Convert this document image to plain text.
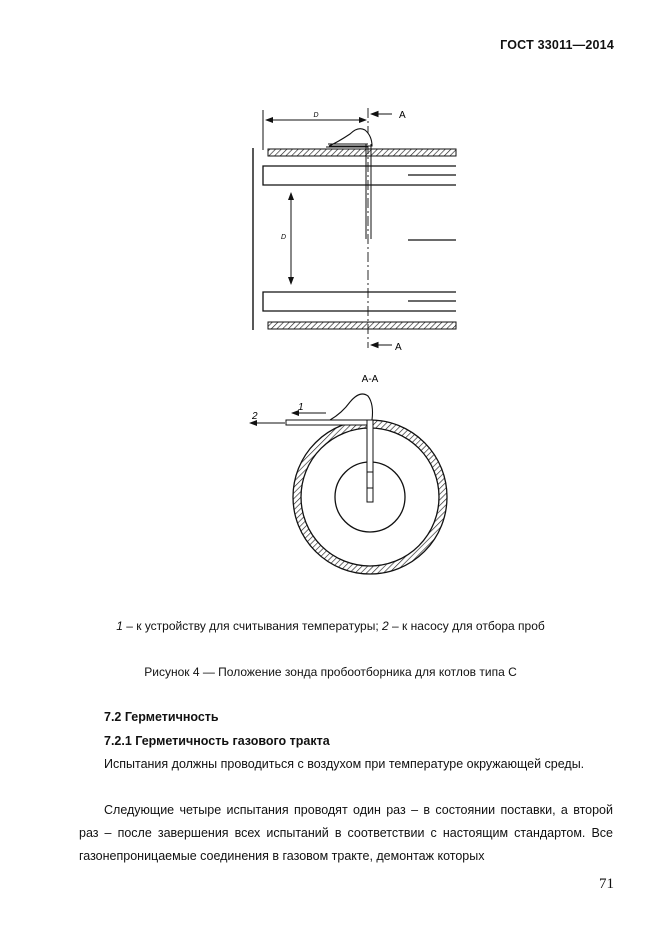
ГОСТ 33011—2014
D
D
A
A
A-A
1
2
1 – к устройству для считывания температуры; 2 – к насосу для отбора проб
Рисунок 4 — Положение зонда пробоотборника для котлов типа С
7.2 Герметичность
7.2.1 Герметичность газового тракта

Испытания должны проводиться с воздухом при температуре окружающей среды.

Следующие четыре испытания проводят один раз – в состоянии поставки, а второй раз – после завершения всех испытаний в соответствии с настоящим стандартом. Все газонепроницаемые соединения в газовом тракте, демонтаж которых

71
